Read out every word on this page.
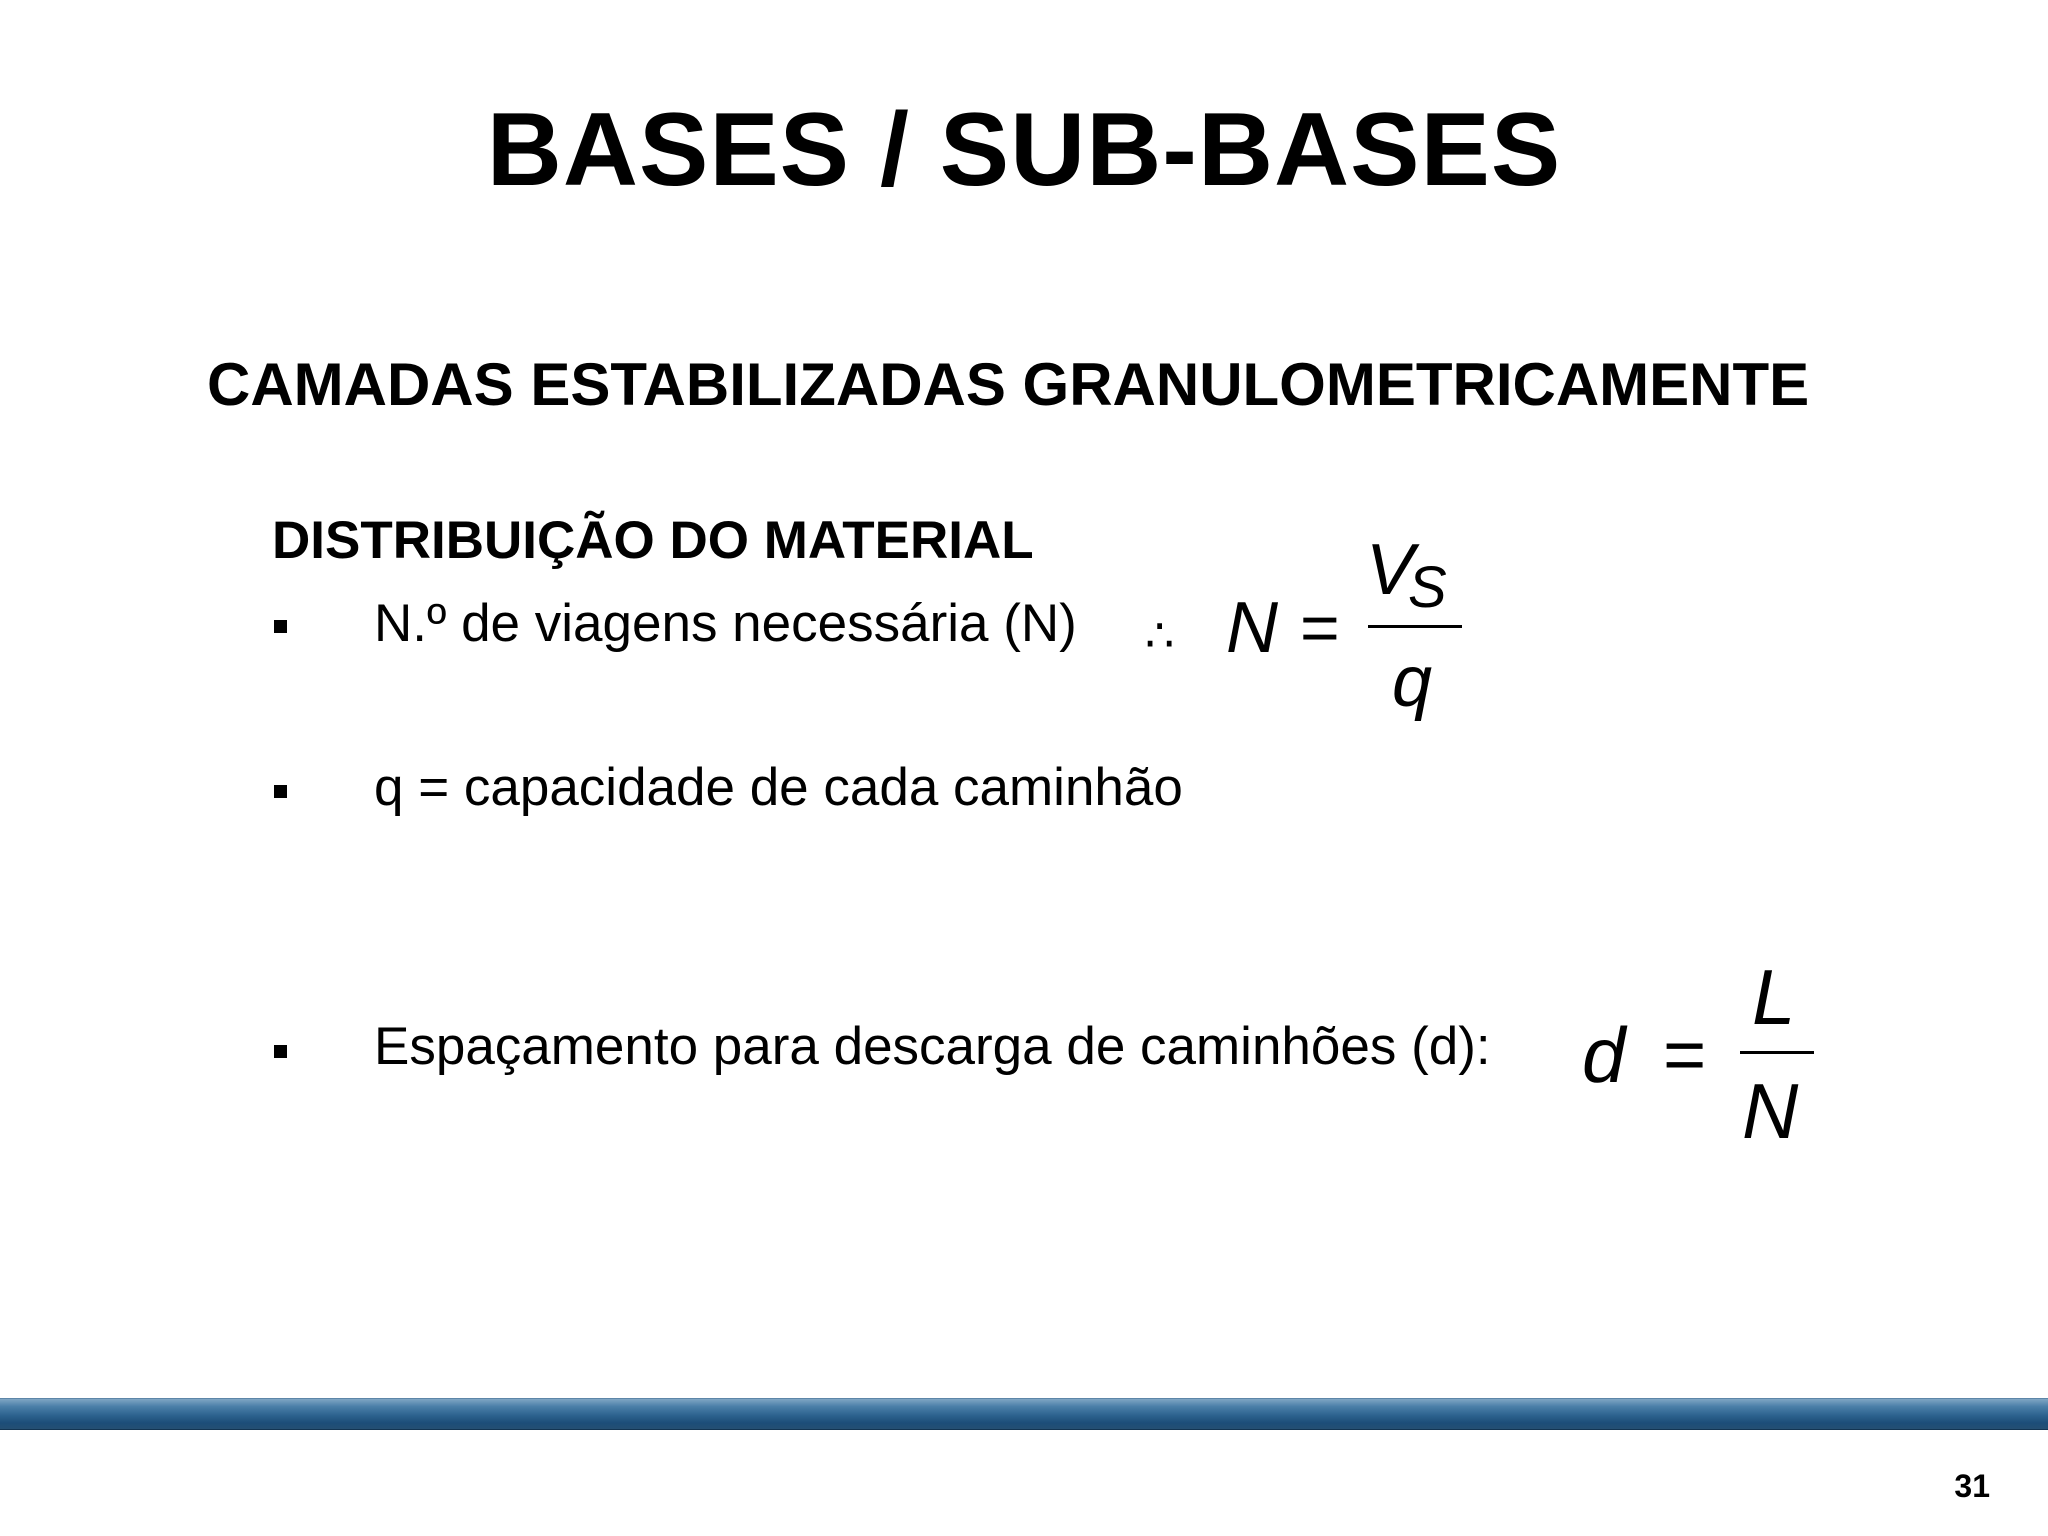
BASES / SUB-BASES
CAMADAS ESTABILIZADAS GRANULOMETRICAMENTE
DISTRIBUIÇÃO DO MATERIAL
N.º de viagens necessária (N) ∴ N =
V
S
q
q = capacidade de cada caminhão
Espaçamento para descarga de caminhões (d): d =
L
N
31
